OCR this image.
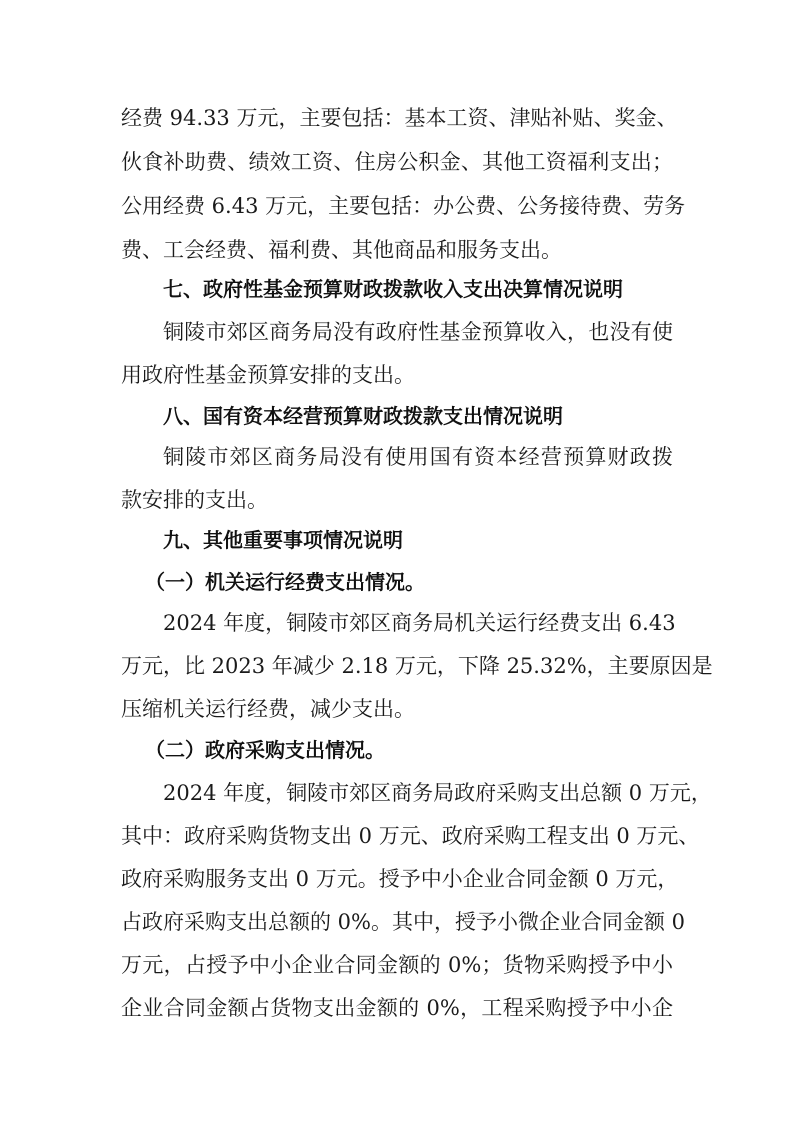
经费 94.33 万元，主要包括：基本工资、津贴补贴、奖金、
伙食补助费、绩效工资、住房公积金、其他工资福利支出；
公用经费 6.43 万元，主要包括：办公费、公务接待费、劳务
费、工会经费、福利费、其他商品和服务支出。
七、政府性基金预算财政拨款收入支出决算情况说明
铜陵市郊区商务局没有政府性基金预算收入，也没有使
用政府性基金预算安排的支出。
八、国有资本经营预算财政拨款支出情况说明
铜陵市郊区商务局没有使用国有资本经营预算财政拨
款安排的支出。
九、其他重要事项情况说明
（一）机关运行经费支出情况。
2024 年度，铜陵市郊区商务局机关运行经费支出 6.43
万元，比 2023 年减少 2.18 万元，下降 25.32%，主要原因是
压缩机关运行经费，减少支出。
（二）政府采购支出情况。
2024 年度，铜陵市郊区商务局政府采购支出总额 0 万元，
其中：政府采购货物支出 0 万元、政府采购工程支出 0 万元、
政府采购服务支出 0 万元。授予中小企业合同金额 0 万元，
占政府采购支出总额的 0%。其中，授予小微企业合同金额 0
万元，占授予中小企业合同金额的 0%；货物采购授予中小
企业合同金额占货物支出金额的 0%，工程采购授予中小企
